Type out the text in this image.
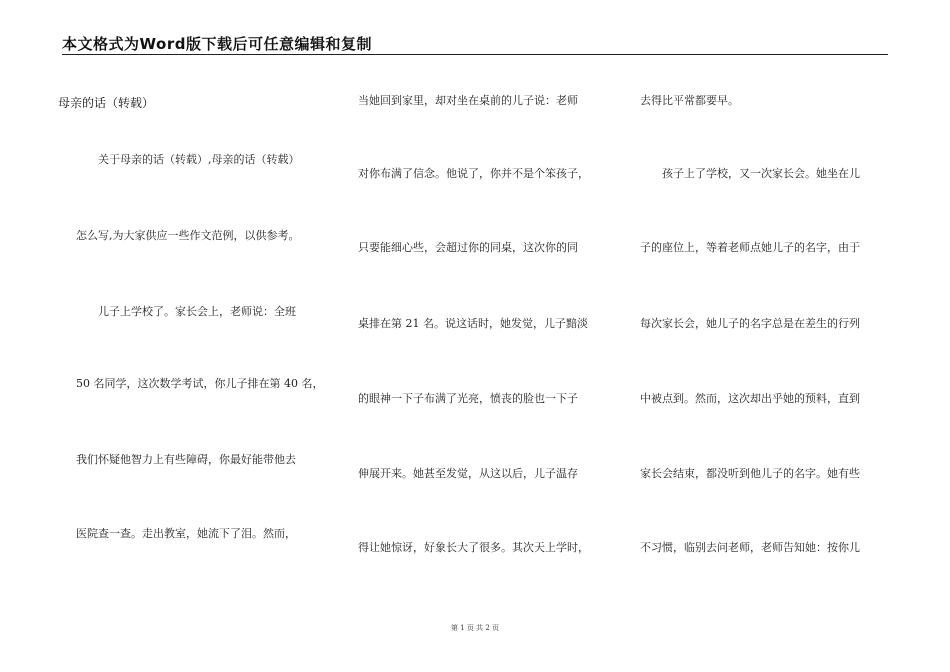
本文格式为Word版下载后可任意编辑和复制
母亲的话（转载）
　　关于母亲的话（转载）,母亲的话（转载）
怎么写,为大家供应一些作文范例，以供参考。
　　儿子上学校了。家长会上，老师说：全班
50 名同学，这次数学考试，你儿子排在第 40 名，
我们怀疑他智力上有些障碍，你最好能带他去
医院查一查。走出教室，她流下了泪。然而，
当她回到家里，却对坐在桌前的儿子说：老师
对你布满了信念。他说了，你并不是个笨孩子，
只要能细心些，会超过你的同桌，这次你的同
桌排在第 21 名。说这话时，她发觉，儿子黯淡
的眼神一下子布满了光亮，愤丧的脸也一下子
伸展开来。她甚至发觉，从这以后，儿子温存
得让她惊讶，好象长大了很多。其次天上学时，
去得比平常都要早。
　　孩子上了学校，又一次家长会。她坐在儿
子的座位上，等着老师点她儿子的名字，由于
每次家长会，她儿子的名字总是在差生的行列
中被点到。然而，这次却出乎她的预料，直到
家长会结束，都没听到他儿子的名字。她有些
不习惯，临别去问老师，老师告知她：按你儿
第 1 页 共 2 页
